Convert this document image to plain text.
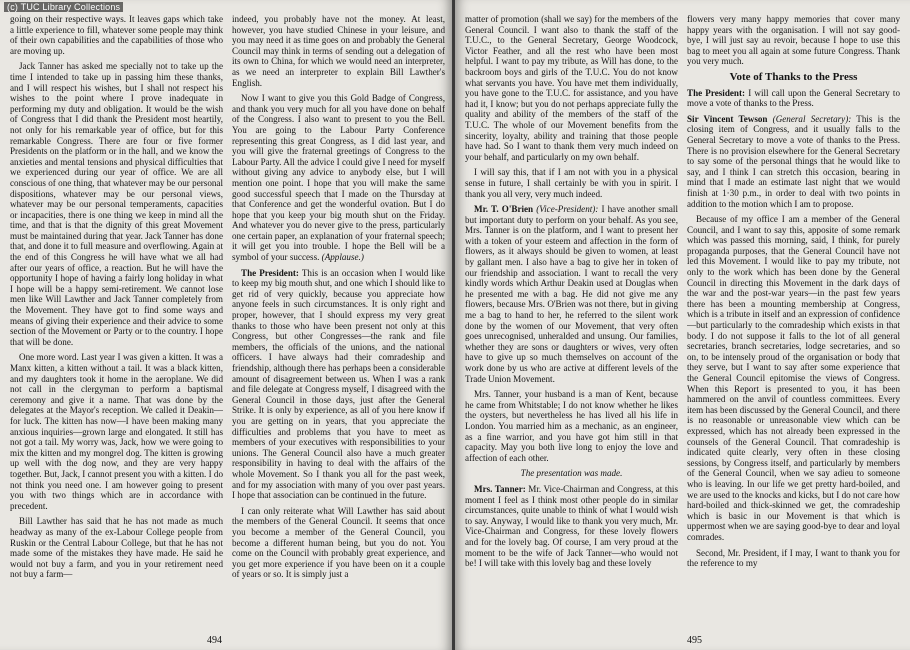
(c) TUC Library Collections

going on their respective ways. It leaves gaps which take a little experience to fill, whatever some people may think of their own capabilities and the capabilities of those who are moving up.

Jack Tanner has asked me specially not to take up the time I intended to take up in passing him these thanks, and I will respect his wishes, but I shall not respect his wishes to the point where I prove inadequate in performing my duty and obligation. It would be the wish of Congress that I did thank the President most heartily, not only for his remarkable year of office, but for this remarkable Congress. There are four or five former Presidents on the platform or in the hall, and we know the anxieties and mental tensions and physical difficulties that we experienced during our year of office. We are all conscious of one thing, that whatever may be our personal dispositions, whatever may be our personal views, whatever may be our personal temperaments, capacities or incapacities, there is one thing we keep in mind all the time, and that is that the dignity of this great Movement must be maintained during that year. Jack Tanner has done that, and done it to full measure and overflowing. Again at the end of this Congress he will have what we all had after our years of office, a reaction. But he will have the opportunity I hope of having a fairly long holiday in what I hope will be a happy semi-retirement. We cannot lose men like Will Lawther and Jack Tanner completely from the Movement. They have got to find some ways and means of giving their experience and their advice to some section of the Movement or Party or to the country. I hope that will be done.

One more word. Last year I was given a kitten. It was a Manx kitten, a kitten without a tail. It was a black kitten, and my daughters took it home in the aeroplane. We did not call in the clergyman to perform a baptismal ceremony and give it a name. That was done by the delegates at the Mayor's reception. We called it Deakin—for luck. The kitten has now—I have been making many anxious inquiries—grown large and elongated. It still has not got a tail. My worry was, Jack, how we were going to mix the kitten and my mongrel dog. The kitten is growing up well with the dog now, and they are very happy together. But, Jack, I cannot present you with a kitten. I do not think you need one. I am however going to present you with two things which are in accordance with precedent.

Bill Lawther has said that he has not made as much headway as many of the ex-Labour College people from Ruskin or the Central Labour College, but that he has not made some of the mistakes they have made. He said he would not buy a farm, and you in your retirement need not buy a farm—

indeed, you probably have not the money. At least, however, you have studied Chinese in your leisure, and you may need it as time goes on and probably the General Council may think in terms of sending out a delegation of its own to China, for which we would need an interpreter, as we need an interpreter to explain Bill Lawther's English.

Now I want to give you this Gold Badge of Congress, and thank you very much for all you have done on behalf of the Congress. I also want to present to you the Bell. You are going to the Labour Party Conference representing this great Congress, as I did last year, and you will give the fraternal greetings of Congress to the Labour Party. All the advice I could give I need for myself without giving any advice to anybody else, but I will mention one point. I hope that you will make the same good successful speech that I made on the Thursday at that Conference and get the wonderful ovation. But I do hope that you keep your big mouth shut on the Friday. And whatever you do never give to the press, particularly one certain paper, an explanation of your fraternal speech; it will get you into trouble. I hope the Bell will be a symbol of your success. (Applause.)

The President: This is an occasion when I would like to keep my big mouth shut, and one which I should like to get rid of very quickly, because you appreciate how anyone feels in such circumstances. It is only right and proper, however, that I should express my very great thanks to those who have been present not only at this Congress, but other Congresses—the rank and file members, the officials of the unions, and the national officers. I have always had their comradeship and friendship, although there has perhaps been a considerable amount of disagreement between us. When I was a rank and file delegate at Congress myself, I disagreed with the General Council in those days, just after the General Strike. It is only by experience, as all of you here know if you are getting on in years, that you appreciate the difficulties and problems that you have to meet as members of your executives with responsibilities to your unions. The General Council also have a much greater responsibility in having to deal with the affairs of the whole Movement. So I thank you all for the past week, and for my association with many of you over past years. I hope that association can be continued in the future.

I can only reiterate what Will Lawther has said about the members of the General Council. It seems that once you become a member of the General Council, you become a different human being, but you do not. You come on the Council with probably great experience, and you get more experience if you have been on it a couple of years or so. It is simply just a

494

matter of promotion (shall we say) for the members of the General Council. I want also to thank the staff of the T.U.C., to the General Secretary, George Woodcock, Victor Feather, and all the rest who have been most helpful. I want to pay my tribute, as Will has done, to the backroom boys and girls of the T.U.C. You do not know what servants you have. You have met them individually, you have gone to the T.U.C. for assistance, and you have had it, I know; but you do not perhaps appreciate fully the quality and ability of the members of the staff of the T.U.C. The whole of our Movement benefits from the sincerity, loyalty, ability and training that those people have had. So I want to thank them very much indeed on your behalf, and particularly on my own behalf.

I will say this, that if I am not with you in a physical sense in future, I shall certainly be with you in spirit. I thank you all very, very much indeed.

Mr. T. O'Brien (Vice-President): I have another small but important duty to perform on your behalf. As you see, Mrs. Tanner is on the platform, and I want to present her with a token of your esteem and affection in the form of flowers, as it always should be given to women, at least by gallant men. I also have a bag to give her in token of our friendship and association. I want to recall the very kindly words which Arthur Deakin used at Douglas when he presented me with a bag. He did not give me any flowers, because Mrs. O'Brien was not there, but in giving me a bag to hand to her, he referred to the silent work done by the women of our Movement, that very often goes unrecognised, unheralded and unsung. Our families, whether they are sons or daughters or wives, very often have to give up so much themselves on account of the work done by us who are active at different levels of the Trade Union Movement.

Mrs. Tanner, your husband is a man of Kent, because he came from Whitstable; I do not know whether he likes the oysters, but nevertheless he has lived all his life in London. You married him as a mechanic, as an engineer, as a fine warrior, and you have got him still in that capacity. May you both live long to enjoy the love and affection of each other.

The presentation was made.

Mrs. Tanner: Mr. Vice-Chairman and Congress, at this moment I feel as I think most other people do in similar circumstances, quite unable to think of what I would wish to say. Anyway, I would like to thank you very much, Mr. Vice-Chairman and Congress, for these lovely flowers and for the lovely bag. Of course, I am very proud at the moment to be the wife of Jack Tanner—who would not be! I will take with this lovely bag and these lovely

flowers very many happy memories that cover many happy years with the organisation. I will not say good-bye, I will just say au revoir, because I hope to use this bag to meet you all again at some future Congress. Thank you very much.

Vote of Thanks to the Press

The President: I will call upon the General Secretary to move a vote of thanks to the Press.

Sir Vincent Tewson (General Secretary): This is the closing item of Congress, and it usually falls to the General Secretary to move a vote of thanks to the Press. There is no provision elsewhere for the General Secretary to say some of the personal things that he would like to say, and I think I can stretch this occasion, bearing in mind that I made an estimate last night that we would finish at 1·30 p.m., in order to deal with two points in addition to the motion which I am to propose.

Because of my office I am a member of the General Council, and I want to say this, apposite of some remark which was passed this morning, said, I think, for purely propaganda purposes, that the General Council have not led this Movement. I would like to pay my tribute, not only to the work which has been done by the General Council in directing this Movement in the dark days of the war and the post-war years—in the past few years there has been a mounting membership at Congress, which is a tribute in itself and an expression of confidence—but particularly to the comradeship which exists in that body. I do not suppose it falls to the lot of all general secretaries, branch secretaries, lodge secretaries, and so on, to be intensely proud of the organisation or body that they serve, but I want to say after some experience that the General Council epitomise the views of Congress. When this Report is presented to you, it has been hammered on the anvil of countless committees. Every item has been discussed by the General Council, and there is no reasonable or unreasonable view which can be expressed, which has not already been expressed in the counsels of the General Council. That comradeship is indicated quite clearly, very often in these closing sessions, by Congress itself, and particularly by members of the General Council, when we say adieu to someone who is leaving. In our life we get pretty hard-boiled, and we are used to the knocks and kicks, but I do not care how hard-boiled and thick-skinned we get, the comradeship which is basic in our Movement is that which is uppermost when we are saying good-bye to dear and loyal comrades.

Second, Mr. President, if I may, I want to thank you for the reference to my

495
